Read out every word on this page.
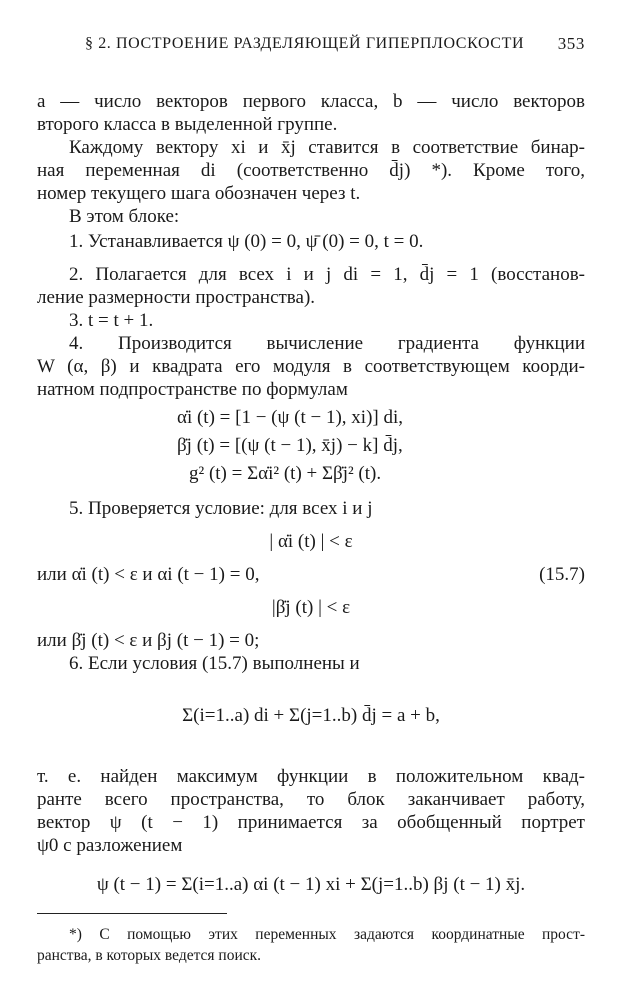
§ 2. ПОСТРОЕНИЕ РАЗДЕЛЯЮЩЕЙ ГИПЕРПЛОСКОСТИ 353
a — число векторов первого класса, b — число векторов
второго класса в выделенной группе.
Каждому вектору xi и x̄j ставится в соответствие бинар-
ная переменная di (соответственно d̄j) *). Кроме того,
номер текущего шага обозначен через t.
В этом блоке:
1. Устанавливается ψ (0) = 0, ψ̄ (0) = 0, t = 0.
2. Полагается для всех i и j di = 1, d̄j = 1 (восстанов-
ление размерности пространства).
3. t = t + 1.
4. Производится вычисление градиента функции
W (α, β) и квадрата его модуля в соответствующем коорди-
натном подпространстве по формулам
α̇i (t) = [1 − (ψ (t − 1), xi)] di,
β̇j (t) = [(ψ (t − 1), x̄j) − k] d̄j,
g² (t) = Σα̇i² (t) + Σβ̇j² (t).
5. Проверяется условие: для всех i и j
| α̇i (t) | < ε
или α̇i (t) < ε и αi (t − 1) = 0,	(15.7)
|β̇j (t) | < ε
или β̇j (t) < ε и βj (t − 1) = 0;
6. Если условия (15.7) выполнены и
Σ(i=1..a) di + Σ(j=1..b) d̄j = a + b,
т. е. найден максимум функции в положительном квад-
ранте всего пространства, то блок заканчивает работу,
вектор ψ (t − 1) принимается за обобщенный портрет
ψ0 с разложением
ψ (t − 1) = Σ(i=1..a) αi (t − 1) xi + Σ(j=1..b) βj (t − 1) x̄j.
*) С помощью этих переменных задаются координатные прост-
ранства, в которых ведется поиск.
